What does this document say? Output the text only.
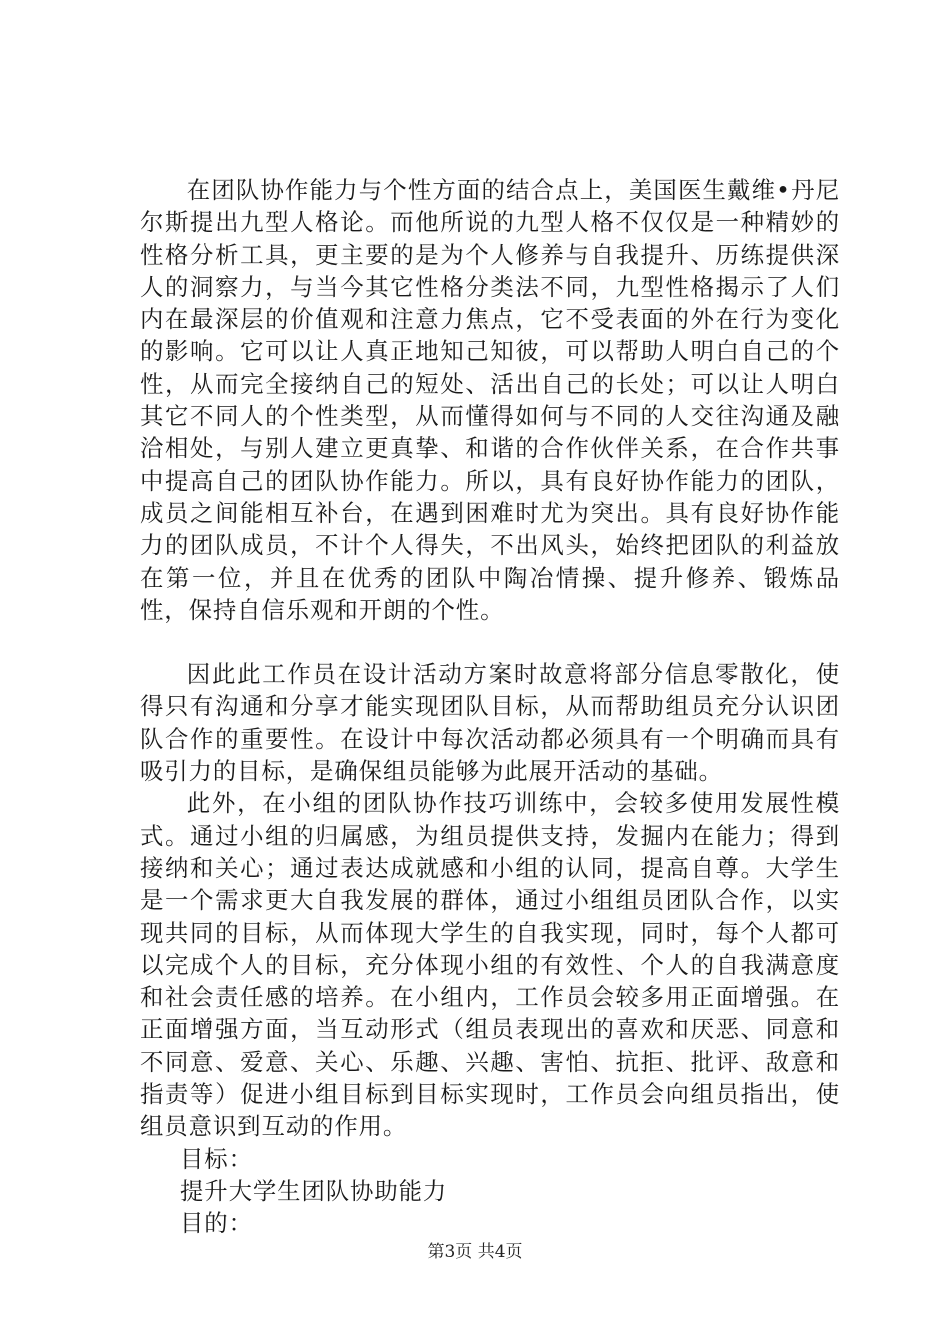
在团队协作能力与个性方面的结合点上，美国医生戴维•丹尼尔斯提出九型人格论。而他所说的九型人格不仅仅是一种精妙的性格分析工具，更主要的是为个人修养与自我提升、历练提供深人的洞察力，与当今其它性格分类法不同，九型性格揭示了人们内在最深层的价值观和注意力焦点，它不受表面的外在行为变化的影响。它可以让人真正地知己知彼，可以帮助人明白自己的个性，从而完全接纳自己的短处、活出自己的长处；可以让人明白其它不同人的个性类型，从而懂得如何与不同的人交往沟通及融洽相处，与别人建立更真挚、和谐的合作伙伴关系，在合作共事中提高自己的团队协作能力。所以，具有良好协作能力的团队，成员之间能相互补台，在遇到困难时尤为突出。具有良好协作能力的团队成员，不计个人得失，不出风头，始终把团队的利益放在第一位，并且在优秀的团队中陶冶情操、提升修养、锻炼品性，保持自信乐观和开朗的个性。

因此此工作员在设计活动方案时故意将部分信息零散化，使得只有沟通和分享才能实现团队目标，从而帮助组员充分认识团队合作的重要性。在设计中每次活动都必须具有一个明确而具有吸引力的目标，是确保组员能够为此展开活动的基础。

此外，在小组的团队协作技巧训练中，会较多使用发展性模式。通过小组的归属感，为组员提供支持，发掘内在能力；得到接纳和关心；通过表达成就感和小组的认同，提高自尊。大学生是一个需求更大自我发展的群体，通过小组组员团队合作，以实现共同的目标，从而体现大学生的自我实现，同时，每个人都可以完成个人的目标，充分体现小组的有效性、个人的自我满意度和社会责任感的培养。在小组内，工作员会较多用正面增强。在正面增强方面，当互动形式（组员表现出的喜欢和厌恶、同意和不同意、爱意、关心、乐趣、兴趣、害怕、抗拒、批评、敌意和指责等）促进小组目标到目标实现时，工作员会向组员指出，使组员意识到互动的作用。

目标：

提升大学生团队协助能力

目的：

第3页 共4页
